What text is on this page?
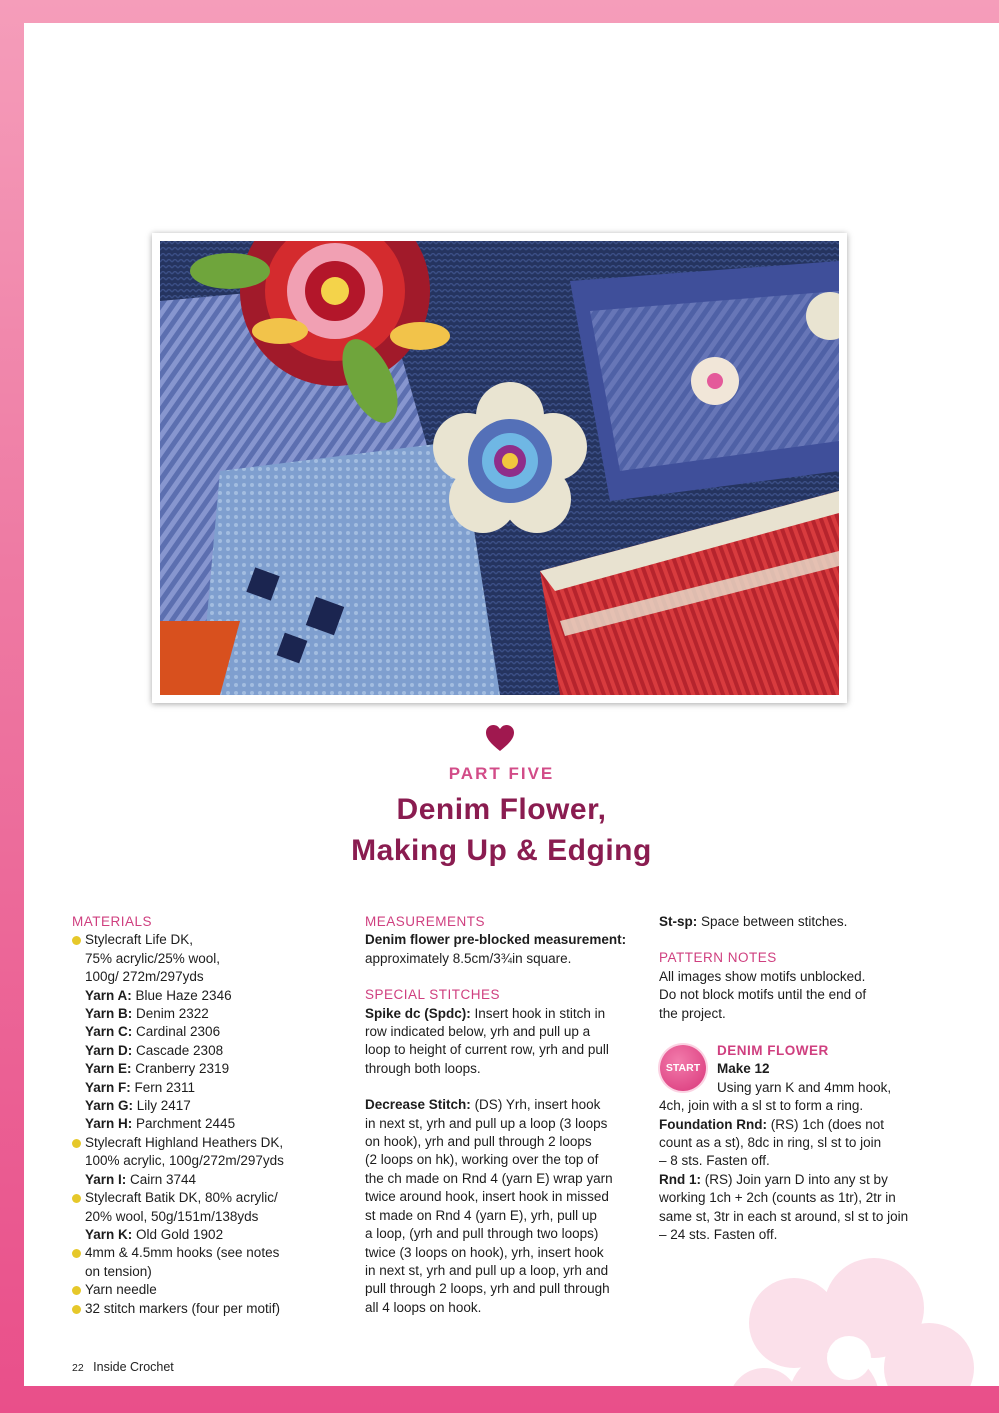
PART FIVE
Denim Flower,
Making Up & Edging

MATERIALS

Stylecraft Life DK,
75% acrylic/25% wool,
100g/ 272m/297yds
Yarn A: Blue Haze 2346
Yarn B: Denim 2322
Yarn C: Cardinal 2306
Yarn D: Cascade 2308
Yarn E: Cranberry 2319
Yarn F: Fern 2311
Yarn G: Lily 2417
Yarn H: Parchment 2445
Stylecraft Highland Heathers DK,
100% acrylic, 100g/272m/297yds
Yarn I: Cairn 3744
Stylecraft Batik DK, 80% acrylic/
20% wool, 50g/151m/138yds
Yarn K: Old Gold 1902
4mm & 4.5mm hooks (see notes
on tension)
Yarn needle
32 stitch markers (four per motif)

MEASUREMENTS

Denim flower pre-blocked measurement:
approximately 8.5cm/3¾in square.

SPECIAL STITCHES

Spike dc (Spdc): Insert hook in stitch in
row indicated below, yrh and pull up a
loop to height of current row, yrh and pull
through both loops.
Decrease Stitch: (DS) Yrh, insert hook
in next st, yrh and pull up a loop (3 loops
on hook), yrh and pull through 2 loops
(2 loops on hk), working over the top of
the ch made on Rnd 4 (yarn E) wrap yarn
twice around hook, insert hook in missed
st made on Rnd 4 (yarn E), yrh, pull up
a loop, (yrh and pull through two loops)
twice (3 loops on hook), yrh, insert hook
in next st, yrh and pull up a loop, yrh and
pull through 2 loops, yrh and pull through
all 4 loops on hook.
St-sp: Space between stitches.

PATTERN NOTES

All images show motifs unblocked.
Do not block motifs until the end of
the project.
START

DENIM FLOWER

Make 12
Using yarn K and 4mm hook,
4ch, join with a sl st to form a ring.
Foundation Rnd: (RS) 1ch (does not
count as a st), 8dc in ring, sl st to join
– 8 sts. Fasten off.
Rnd 1: (RS) Join yarn D into any st by
working 1ch + 2ch (counts as 1tr), 2tr in
same st, 3tr in each st around, sl st to join
– 24 sts. Fasten off.
22 Inside Crochet
